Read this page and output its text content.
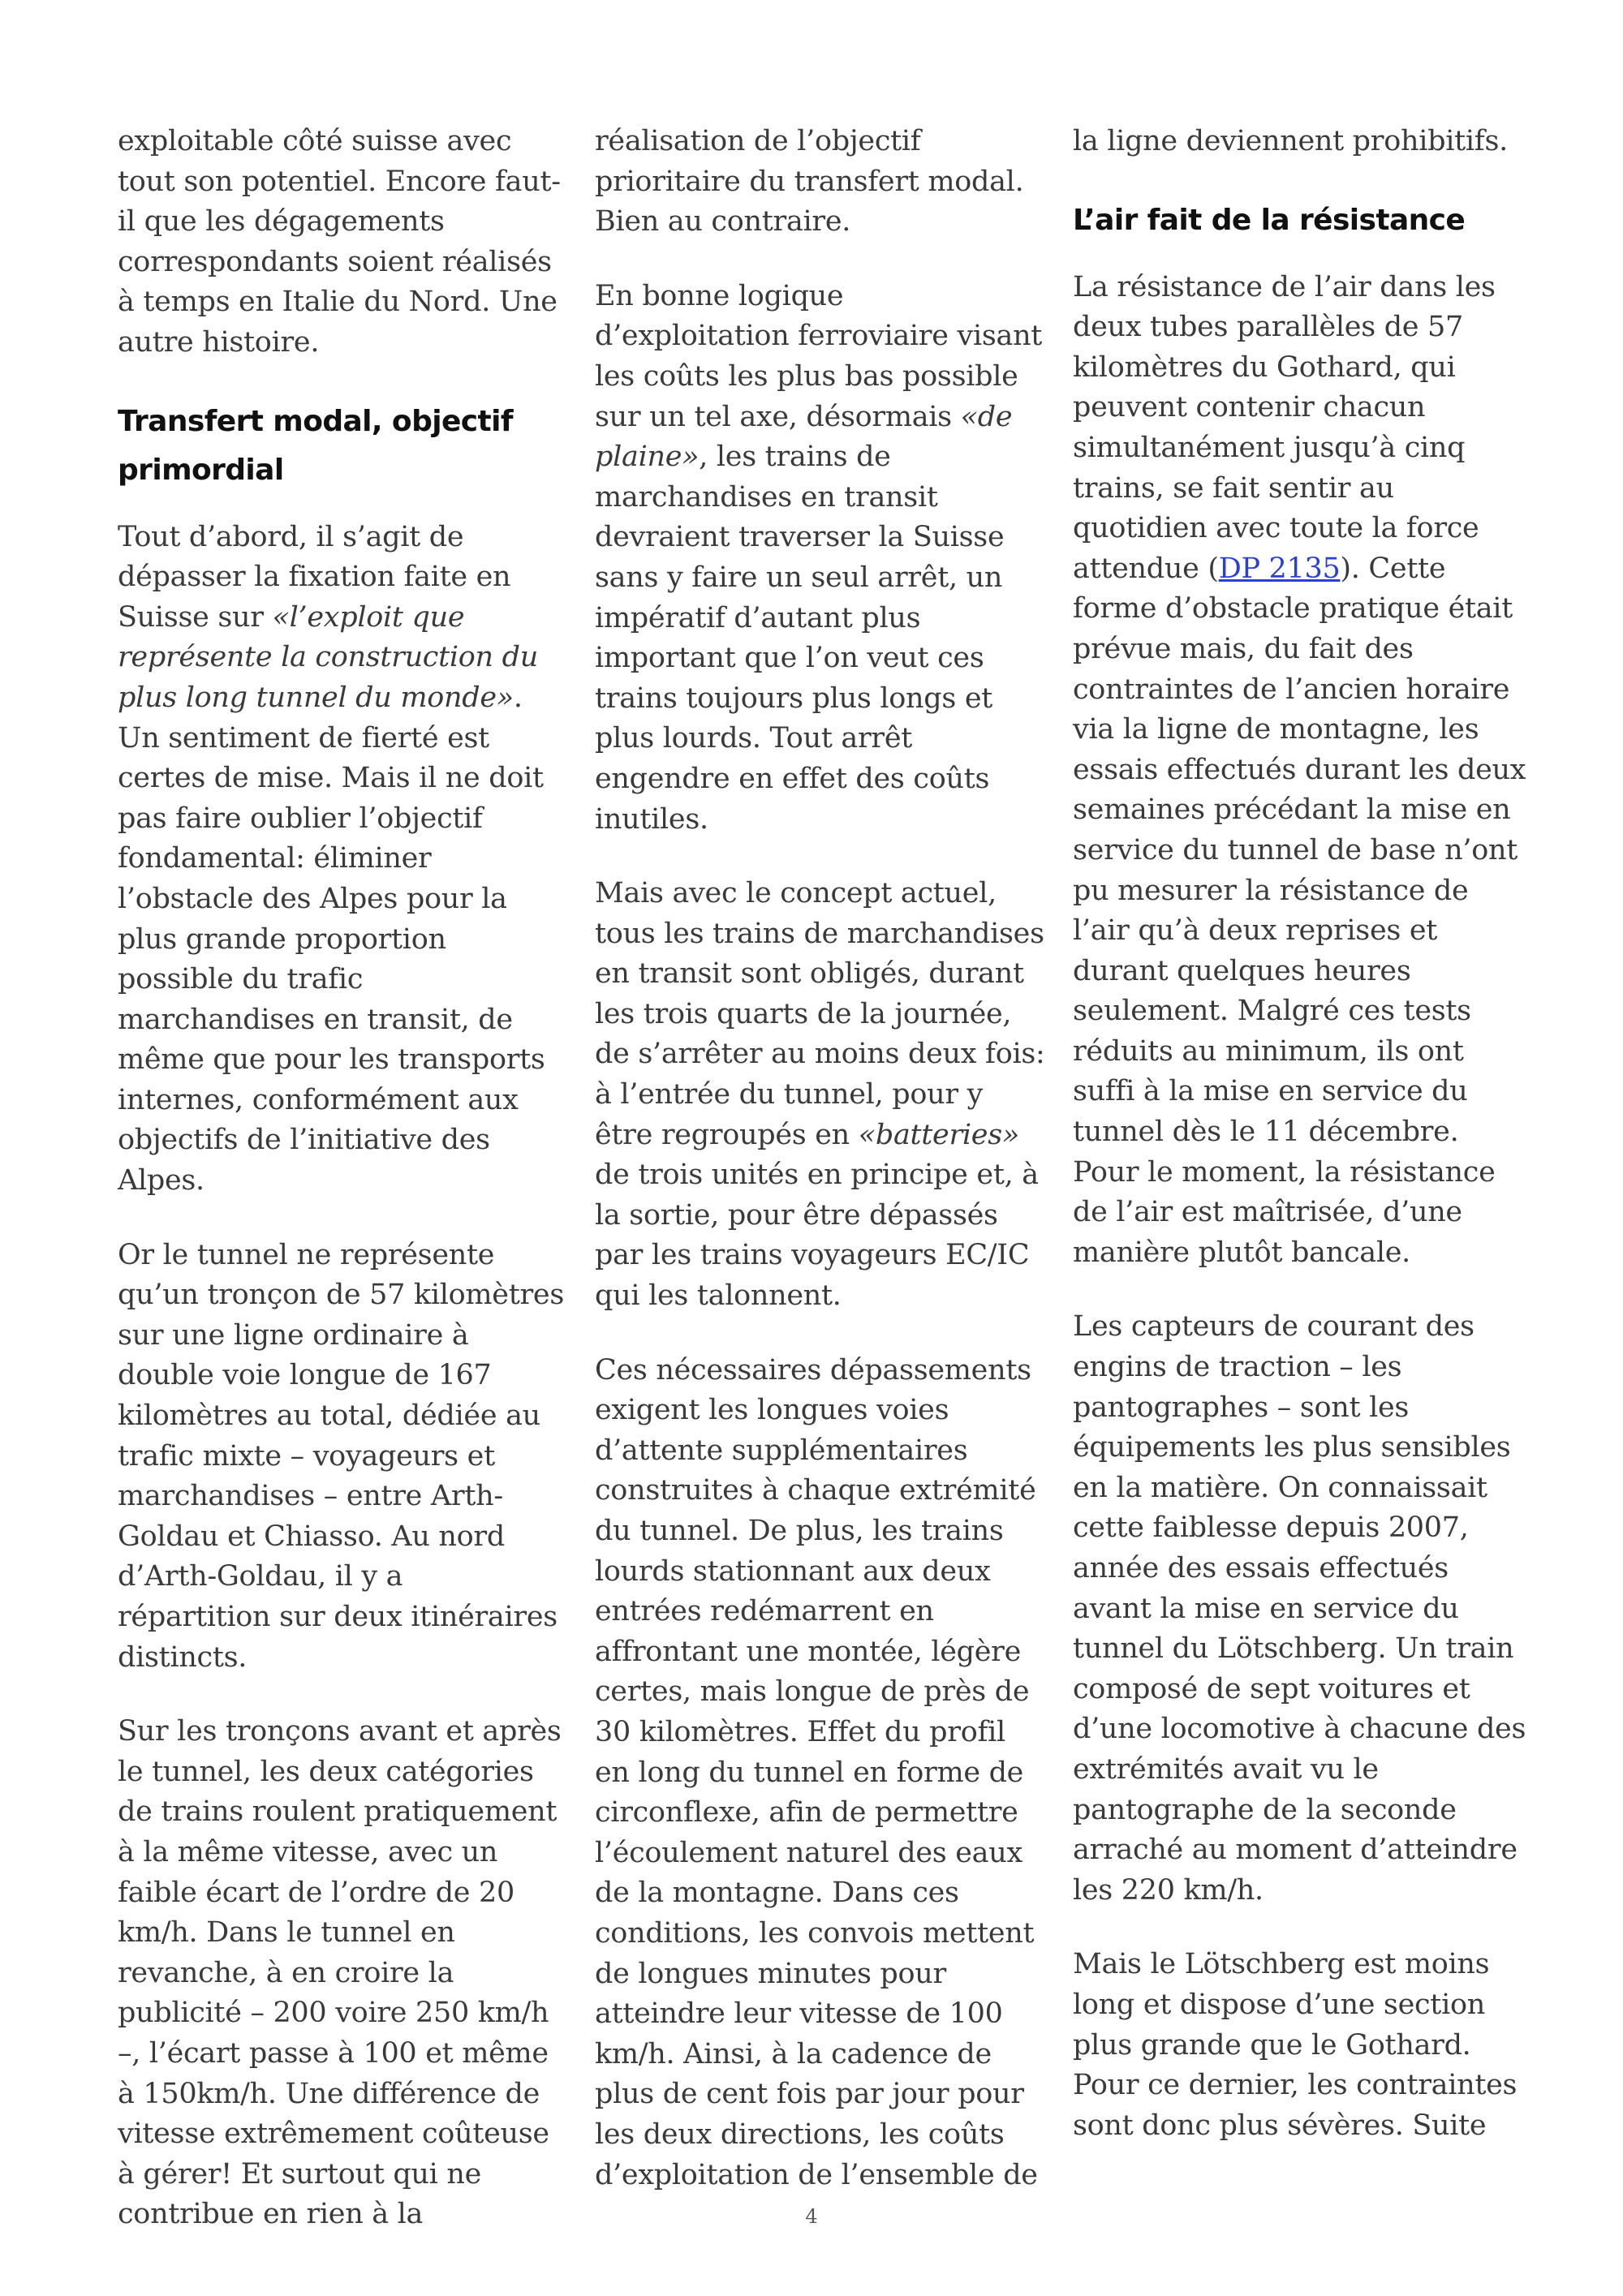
exploitable côté suisse avec tout son potentiel. Encore faut-il que les dégagements correspondants soient réalisés à temps en Italie du Nord. Une autre histoire.

Transfert modal, objectif primordial

Tout d’abord, il s’agit de dépasser la fixation faite en Suisse sur «l’exploit que représente la construction du plus long tunnel du monde». Un sentiment de fierté est certes de mise. Mais il ne doit pas faire oublier l’objectif fondamental: éliminer l’obstacle des Alpes pour la plus grande proportion possible du trafic marchandises en transit, de même que pour les transports internes, conformément aux objectifs de l’initiative des Alpes.

Or le tunnel ne représente qu’un tronçon de 57 kilomètres sur une ligne ordinaire à double voie longue de 167 kilomètres au total, dédiée au trafic mixte – voyageurs et marchandises – entre Arth-Goldau et Chiasso. Au nord d’Arth-Goldau, il y a répartition sur deux itinéraires distincts.

Sur les tronçons avant et après le tunnel, les deux catégories de trains roulent pratiquement à la même vitesse, avec un faible écart de l’ordre de 20 km/h. Dans le tunnel en revanche, à en croire la publicité – 200 voire 250 km/h –, l’écart passe à 100 et même à 150km/h. Une différence de vitesse extrêmement coûteuse à gérer! Et surtout qui ne contribue en rien à la

réalisation de l’objectif prioritaire du transfert modal. Bien au contraire.

En bonne logique d’exploitation ferroviaire visant les coûts les plus bas possible sur un tel axe, désormais «de plaine», les trains de marchandises en transit devraient traverser la Suisse sans y faire un seul arrêt, un impératif d’autant plus important que l’on veut ces trains toujours plus longs et plus lourds. Tout arrêt engendre en effet des coûts inutiles.

Mais avec le concept actuel, tous les trains de marchandises en transit sont obligés, durant les trois quarts de la journée, de s’arrêter au moins deux fois: à l’entrée du tunnel, pour y être regroupés en «batteries» de trois unités en principe et, à la sortie, pour être dépassés par les trains voyageurs EC/IC qui les talonnent.

Ces nécessaires dépassements exigent les longues voies d’attente supplémentaires construites à chaque extrémité du tunnel. De plus, les trains lourds stationnant aux deux entrées redémarrent en affrontant une montée, légère certes, mais longue de près de 30 kilomètres. Effet du profil en long du tunnel en forme de circonflexe, afin de permettre l’écoulement naturel des eaux de la montagne. Dans ces conditions, les convois mettent de longues minutes pour atteindre leur vitesse de 100 km/h. Ainsi, à la cadence de plus de cent fois par jour pour les deux directions, les coûts d’exploitation de l’ensemble de

la ligne deviennent prohibitifs.

L’air fait de la résistance

La résistance de l’air dans les deux tubes parallèles de 57 kilomètres du Gothard, qui peuvent contenir chacun simultanément jusqu’à cinq trains, se fait sentir au quotidien avec toute la force attendue (DP 2135). Cette forme d’obstacle pratique était prévue mais, du fait des contraintes de l’ancien horaire via la ligne de montagne, les essais effectués durant les deux semaines précédant la mise en service du tunnel de base n’ont pu mesurer la résistance de l’air qu’à deux reprises et durant quelques heures seulement. Malgré ces tests réduits au minimum, ils ont suffi à la mise en service du tunnel dès le 11 décembre. Pour le moment, la résistance de l’air est maîtrisée, d’une manière plutôt bancale.

Les capteurs de courant des engins de traction – les pantographes – sont les équipements les plus sensibles en la matière. On connaissait cette faiblesse depuis 2007, année des essais effectués avant la mise en service du tunnel du Lötschberg. Un train composé de sept voitures et d’une locomotive à chacune des extrémités avait vu le pantographe de la seconde arraché au moment d’atteindre les 220 km/h.

Mais le Lötschberg est moins long et dispose d’une section plus grande que le Gothard. Pour ce dernier, les contraintes sont donc plus sévères. Suite

4
